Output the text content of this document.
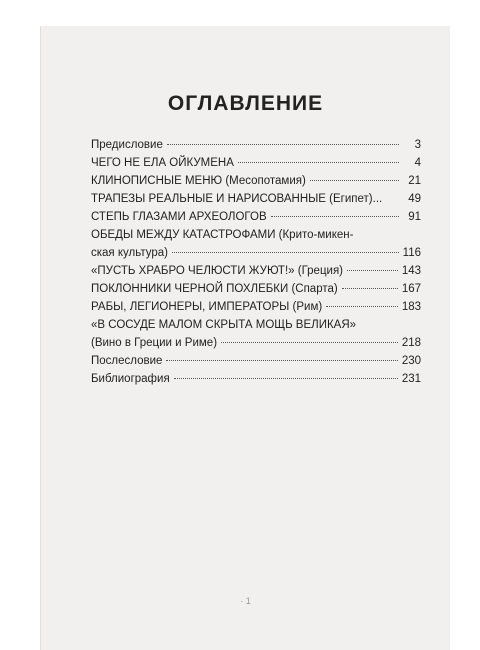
ОГЛАВЛЕНИЕ
Предисловие	3
ЧЕГО НЕ ЕЛА ОЙКУМЕНА	4
КЛИНОПИСНЫЕ МЕНЮ (Месопотамия)	21
ТРАПЕЗЫ РЕАЛЬНЫЕ И НАРИСОВАННЫЕ (Египет)...	49
СТЕПЬ ГЛАЗАМИ АРХЕОЛОГОВ	91
ОБЕДЫ МЕЖДУ КАТАСТРОФАМИ (Крито-микен-
ская культура)	116
«ПУСТЬ ХРАБРО ЧЕЛЮСТИ ЖУЮТ!» (Греция)	143
ПОКЛОННИКИ ЧЕРНОЙ ПОХЛЕБКИ (Спарта)	167
РАБЫ, ЛЕГИОНЕРЫ, ИМПЕРАТОРЫ (Рим)	183
«В СОСУДЕ МАЛОМ СКРЫТА МОЩЬ ВЕЛИКАЯ»
(Вино в Греции и Риме)	218
Послесловие	230
Библиография	231
· 1
